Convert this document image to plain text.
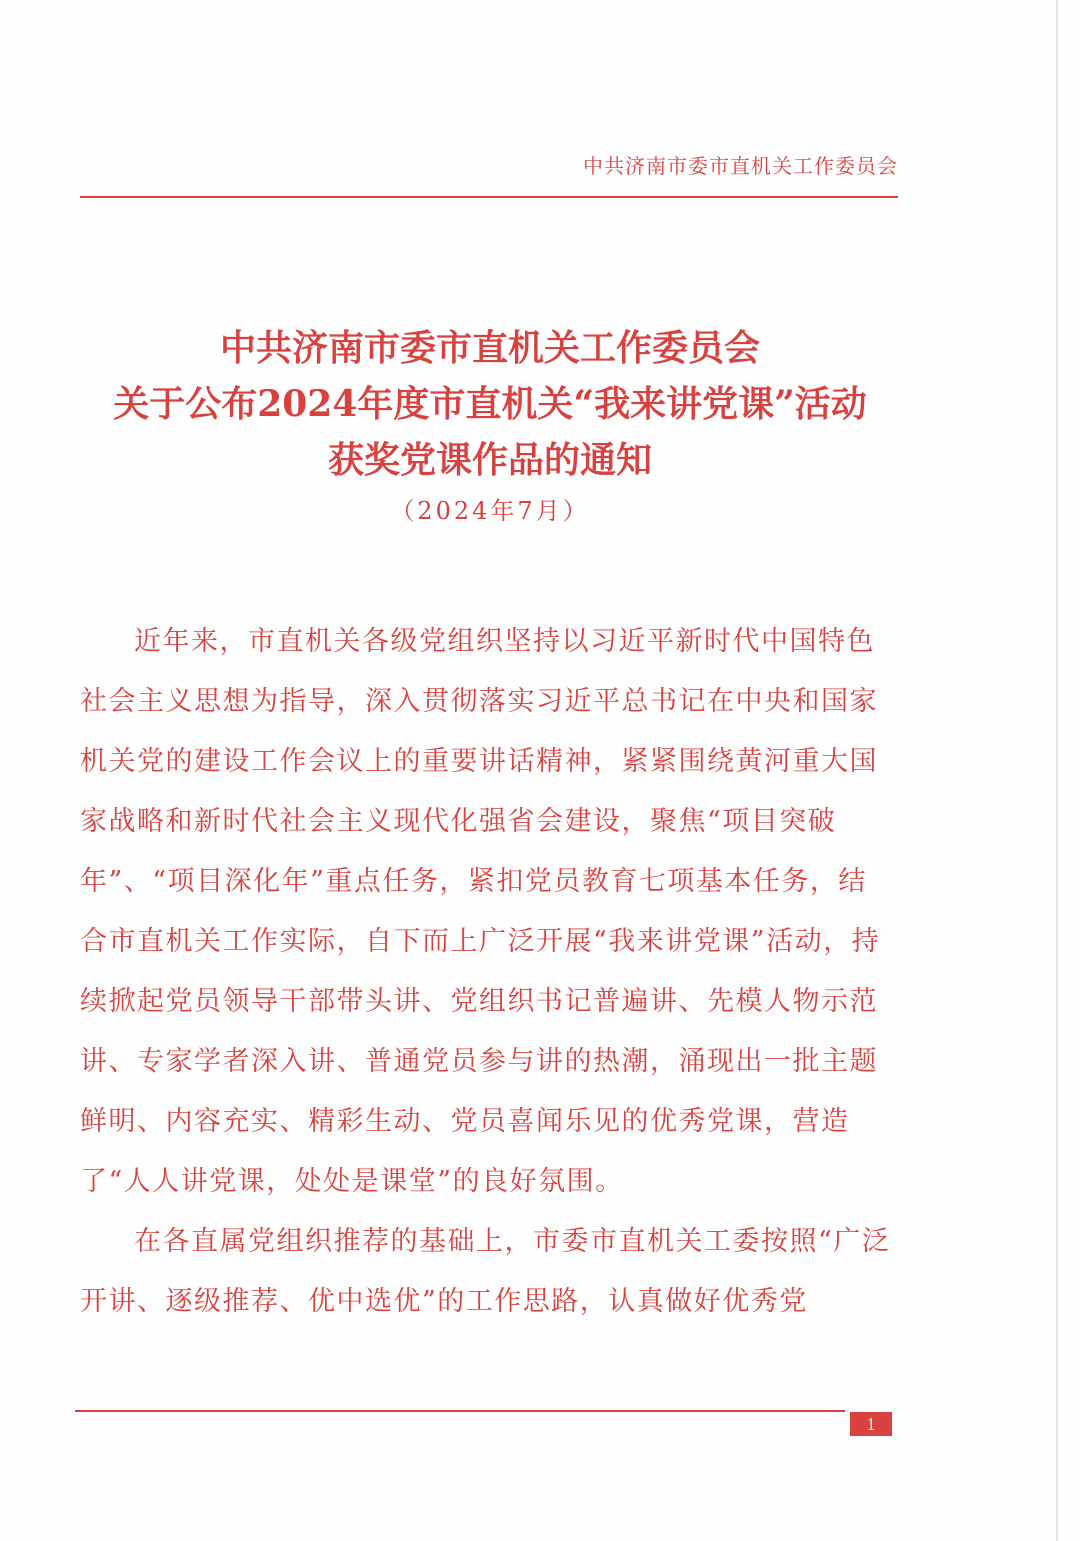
中共济南市委市直机关工作委员会
中共济南市委市直机关工作委员会
关于公布2024年度市直机关“我来讲党课”活动
获奖党课作品的通知
（2024年7月）

近年来，市直机关各级党组织坚持以习近平新时代中国特色社会主义思想为指导，深入贯彻落实习近平总书记在中央和国家机关党的建设工作会议上的重要讲话精神，紧紧围绕黄河重大国家战略和新时代社会主义现代化强省会建设，聚焦“项目突破年”、“项目深化年”重点任务，紧扣党员教育七项基本任务，结合市直机关工作实际，自下而上广泛开展“我来讲党课”活动，持续掀起党员领导干部带头讲、党组织书记普遍讲、先模人物示范讲、专家学者深入讲、普通党员参与讲的热潮，涌现出一批主题鲜明、内容充实、精彩生动、党员喜闻乐见的优秀党课，营造了“人人讲党课，处处是课堂”的良好氛围。

在各直属党组织推荐的基础上，市委市直机关工委按照“广泛开讲、逐级推荐、优中选优”的工作思路，认真做好优秀党

1
